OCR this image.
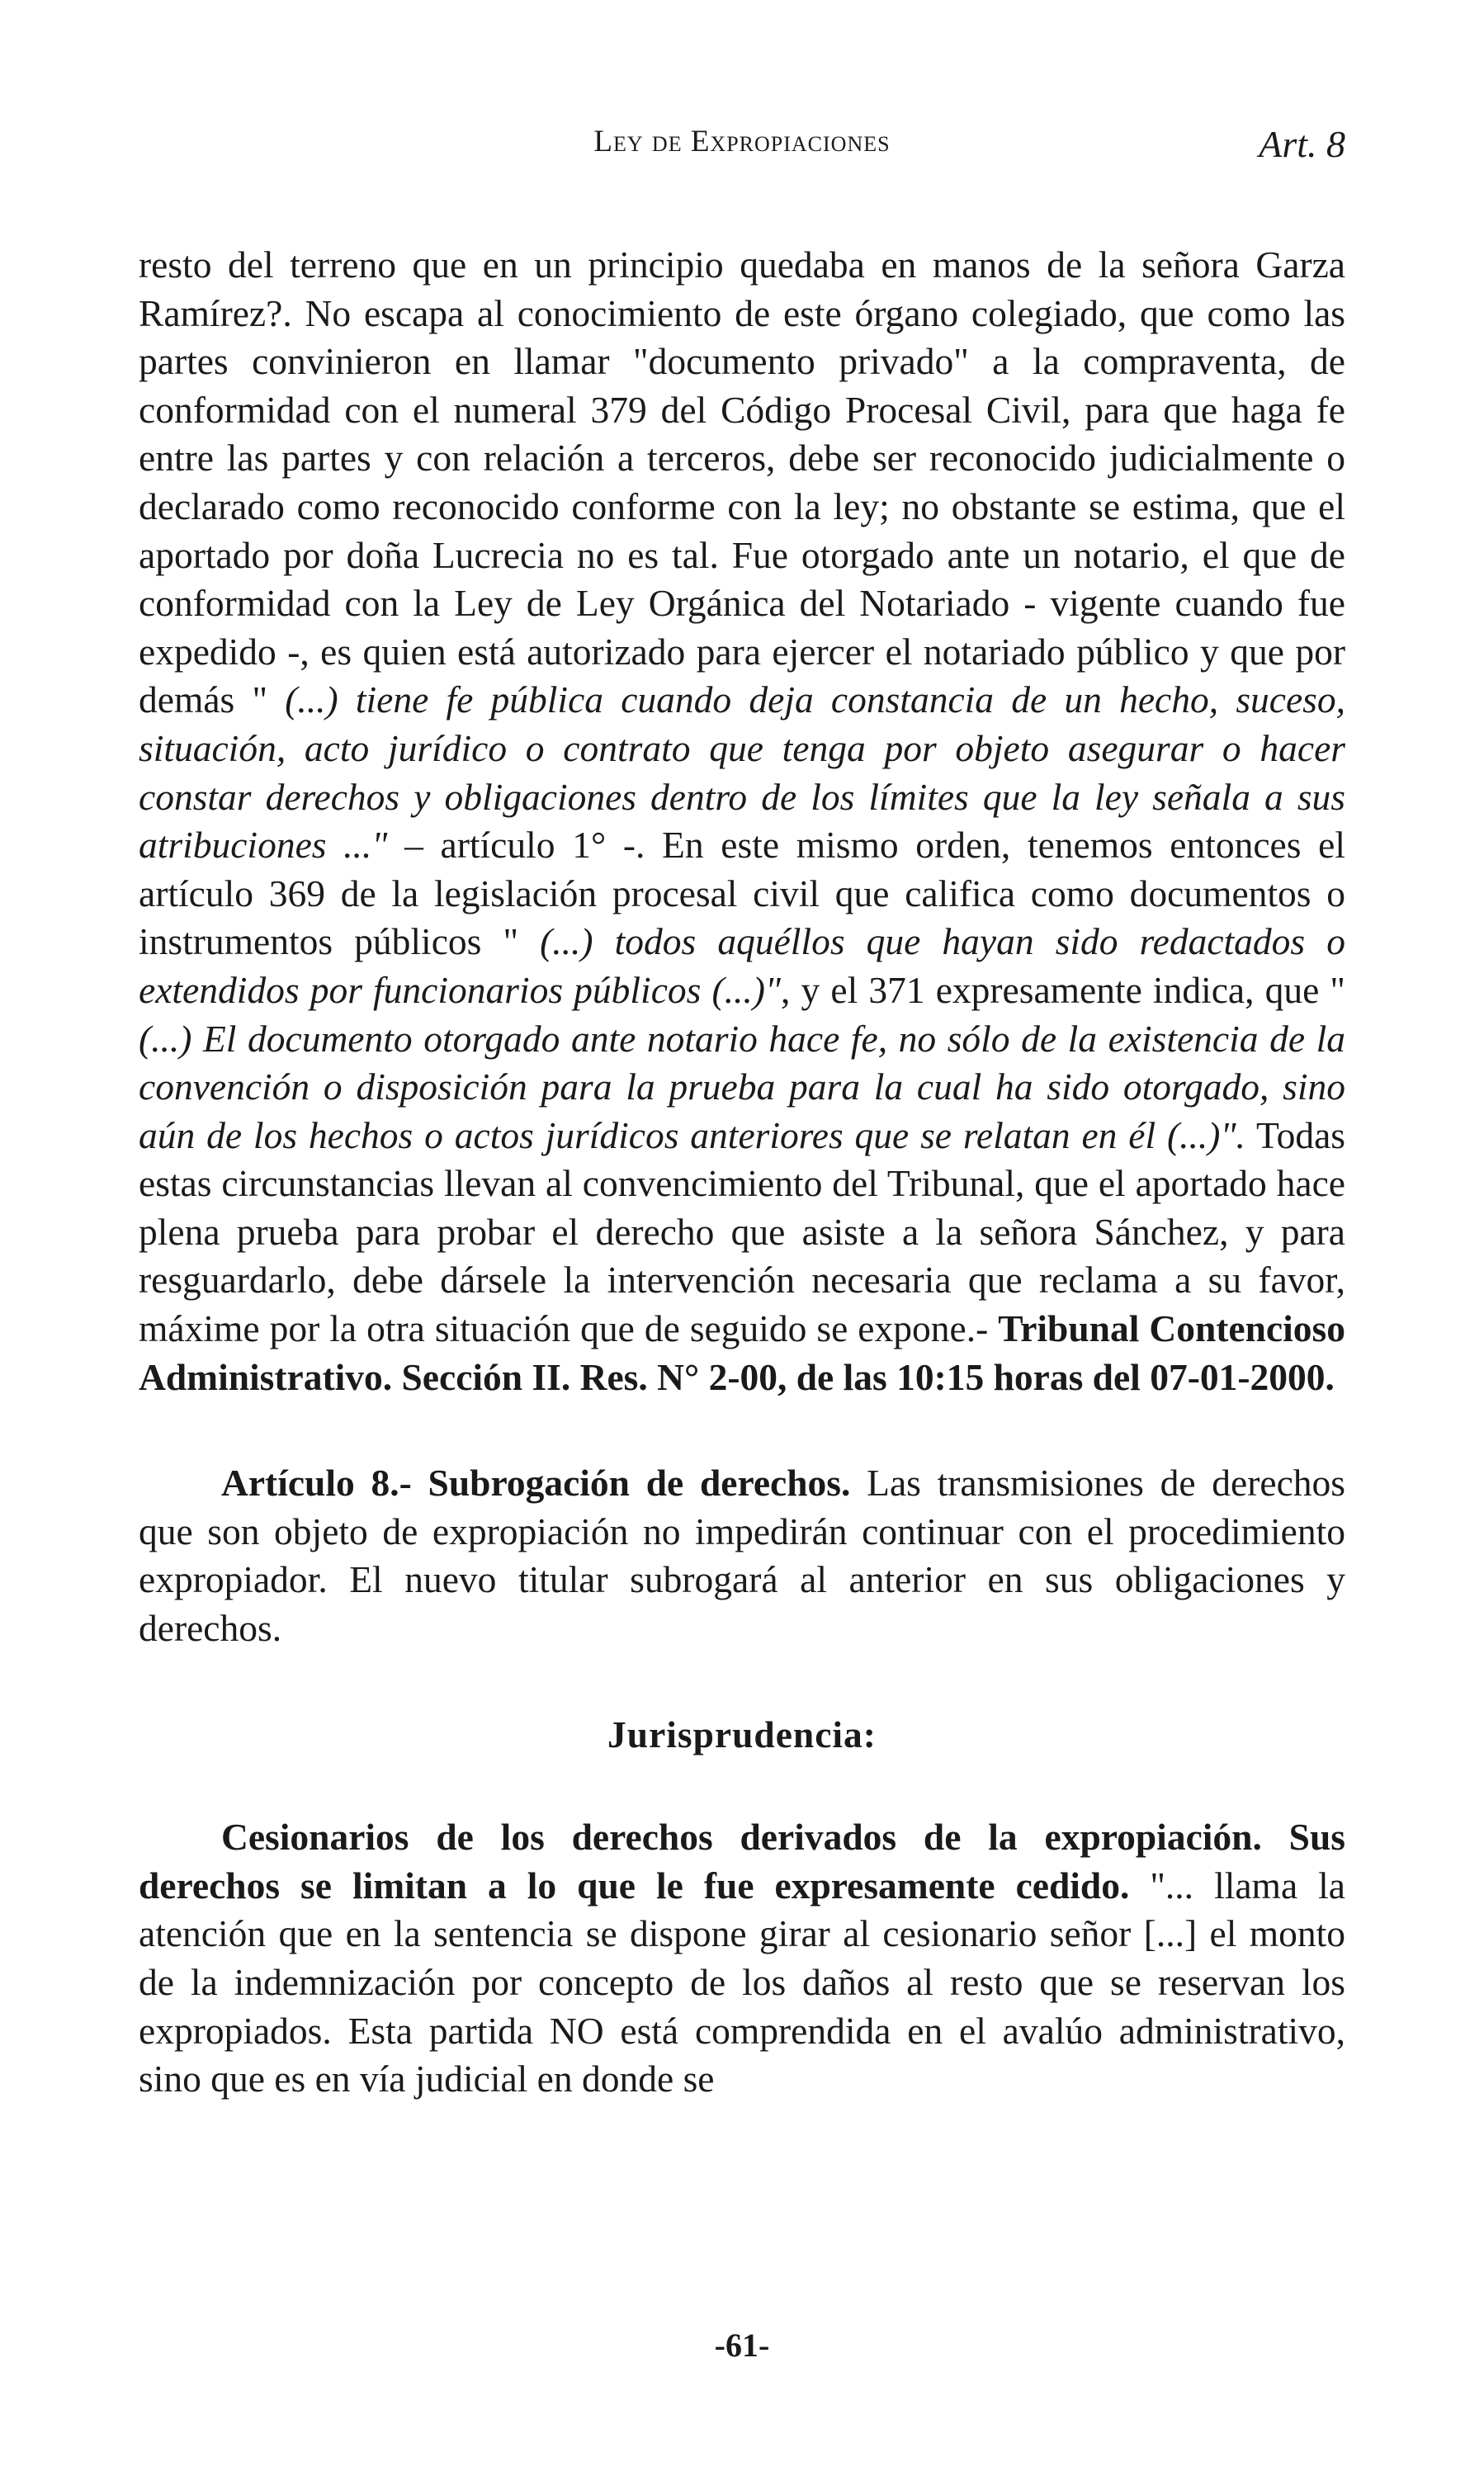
Ley de Expropiaciones	Art. 8

resto del terreno que en un principio quedaba en manos de la señora Garza Ramírez?. No escapa al conocimiento de este órgano colegiado, que como las partes convinieron en llamar "documento privado" a la compraventa, de conformidad con el numeral 379 del Código Procesal Civil, para que haga fe entre las partes y con relación a terceros, debe ser reconocido judicialmente o declarado como reconocido conforme con la ley; no obstante se estima, que el aportado por doña Lucrecia no es tal. Fue otorgado ante un notario, el que de conformidad con la Ley de Ley Orgánica del Notariado - vigente cuando fue expedido -, es quien está autorizado para ejercer el notariado público y que por demás " (...) tiene fe pública cuando deja constancia de un hecho, suceso, situación, acto jurídico o contrato que tenga por objeto asegurar o hacer constar derechos y obligaciones dentro de los límites que la ley señala a sus atribuciones ..." – artículo 1° -. En este mismo orden, tenemos entonces el artículo 369 de la legislación procesal civil que califica como documentos o instrumentos públicos " (...) todos aquéllos que hayan sido redactados o extendidos por funcionarios públicos (...)", y el 371 expresamente indica, que " (...) El documento otorgado ante notario hace fe, no sólo de la existencia de la convención o disposición para la prueba para la cual ha sido otorgado, sino aún de los hechos o actos jurídicos anteriores que se relatan en él (...)". Todas estas circunstancias llevan al convencimiento del Tribunal, que el aportado hace plena prueba para probar el derecho que asiste a la señora Sánchez, y para resguardarlo, debe dársele la intervención necesaria que reclama a su favor, máxime por la otra situación que de seguido se expone.- Tribunal Contencioso Administrativo. Sección II. Res. N° 2-00, de las 10:15 horas del 07-01-2000.

Artículo 8.- Subrogación de derechos. Las transmisiones de derechos que son objeto de expropiación no impedirán continuar con el procedimiento expropiador. El nuevo titular subrogará al anterior en sus obligaciones y derechos.

Jurisprudencia:

Cesionarios de los derechos derivados de la expropiación. Sus derechos se limitan a lo que le fue expresamente cedido. "... llama la atención que en la sentencia se dispone girar al cesionario señor [...] el monto de la indemnización por concepto de los daños al resto que se reservan los expropiados. Esta partida NO está comprendida en el avalúo administrativo, sino que es en vía judicial en donde se

-61-
